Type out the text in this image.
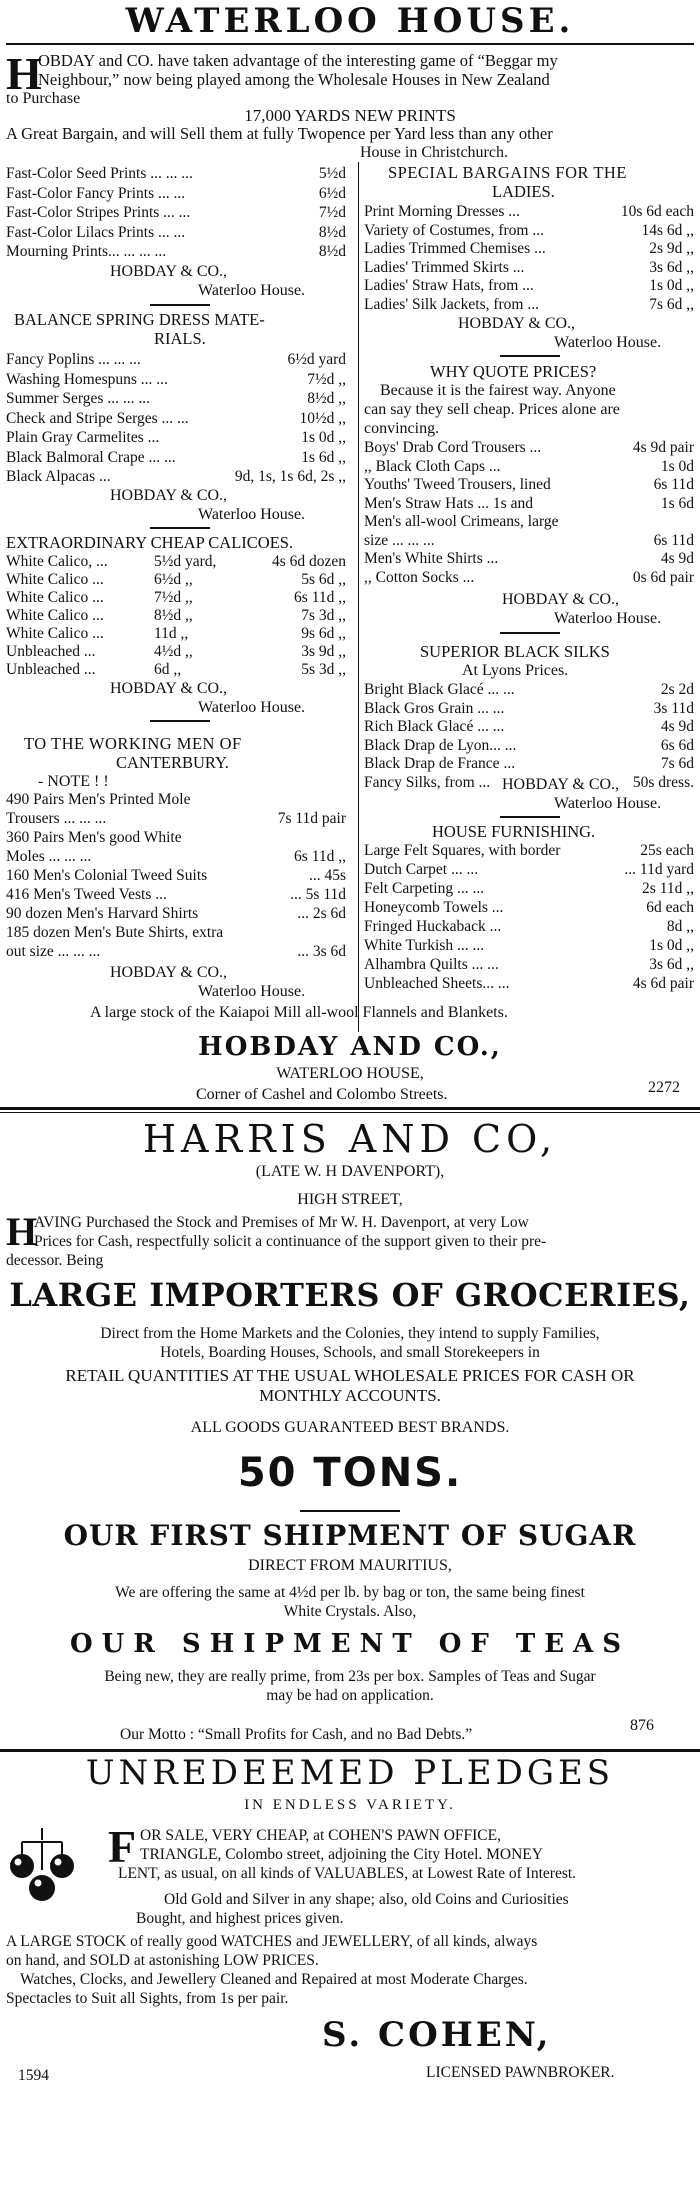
WATERLOO HOUSE.
H
OBDAY and CO. have taken advantage of the interesting game of “Beggar my
Neighbour,” now being played among the Wholesale Houses in New Zealand
to Purchase
17,000 YARDS NEW PRINTS
A Great Bargain, and will Sell them at fully Twopence per Yard less than any other
House in Christchurch.
Fast-Color Seed Prints ... ... ...	5½d
Fast-Color Fancy Prints ... ...	6½d
Fast-Color Stripes Prints ... ...	7½d
Fast-Color Lilacs Prints ... ...	8½d
Mourning Prints... ... ... ...	8½d
HOBDAY & CO.,
Waterloo House.
BALANCE SPRING DRESS MATE-
RIALS.
Fancy Poplins ... ... ...	6½d yard
Washing Homespuns ... ...	7½d ,,
Summer Serges ... ... ...	8½d ,,
Check and Stripe Serges ... ...	10½d ,,
Plain Gray Carmelites ...	1s 0d ,,
Black Balmoral Crape ... ...	1s 6d ,,
Black Alpacas ...	9d, 1s, 1s 6d, 2s ,,
HOBDAY & CO.,
Waterloo House.
EXTRAORDINARY CHEAP CALICOES.
White Calico, ...	5½d yard,	4s 6d dozen
White Calico ...	6½d ,,	5s 6d ,,
White Calico ...	7½d ,,	6s 11d ,,
White Calico ...	8½d ,,	7s 3d ,,
White Calico ...	11d ,,	9s 6d ,,
Unbleached ...	4½d ,,	3s 9d ,,
Unbleached ...	6d ,,	5s 3d ,,
HOBDAY & CO.,
Waterloo House.
TO THE WORKING MEN OF
CANTERBURY.
- NOTE ! !
490 Pairs Men's Printed Mole
Trousers ... ... ...	7s 11d pair
360 Pairs Men's good White
Moles ... ... ...	6s 11d ,,
160 Men's Colonial Tweed Suits	... 45s
416 Men's Tweed Vests ...	... 5s 11d
90 dozen Men's Harvard Shirts	... 2s 6d
185 dozen Men's Bute Shirts, extra
out size ... ... ...	... 3s 6d
HOBDAY & CO.,
Waterloo House.
SPECIAL BARGAINS FOR THE
LADIES.
Print Morning Dresses ...	10s 6d each
Variety of Costumes, from ...	14s 6d ,,
Ladies Trimmed Chemises ...	2s 9d ,,
Ladies' Trimmed Skirts ...	3s 6d ,,
Ladies' Straw Hats, from ...	1s 0d ,,
Ladies' Silk Jackets, from ...	7s 6d ,,
HOBDAY & CO.,
Waterloo House.
WHY QUOTE PRICES?
Because it is the fairest way. Anyone
can say they sell cheap. Prices alone are
convincing.
Boys' Drab Cord Trousers ...	4s 9d pair
,, Black Cloth Caps ...	1s 0d
Youths' Tweed Trousers, lined	6s 11d
Men's Straw Hats ... 1s and	1s 6d
Men's all-wool Crimeans, large
size ... ... ...	6s 11d
Men's White Shirts ...	4s 9d
,, Cotton Socks ...	0s 6d pair
HOBDAY & CO.,
Waterloo House.
SUPERIOR BLACK SILKS
At Lyons Prices.
Bright Black Glacé ... ...	2s 2d
Black Gros Grain ... ...	3s 11d
Rich Black Glacé ... ...	4s 9d
Black Drap de Lyon... ...	6s 6d
Black Drap de France ...	7s 6d
Fancy Silks, from ...	50s dress.
HOBDAY & CO.,
Waterloo House.
HOUSE FURNISHING.
Large Felt Squares, with border	25s each
Dutch Carpet ... ...	... 11d yard
Felt Carpeting ... ...	2s 11d ,,
Honeycomb Towels ...	6d each
Fringed Huckaback ...	8d ,,
White Turkish ... ...	1s 0d ,,
Alhambra Quilts ... ...	3s 6d ,,
Unbleached Sheets... ...	4s 6d pair
A large stock of the Kaiapoi Mill all-wool Flannels and Blankets.
HOBDAY AND CO.,
WATERLOO HOUSE,
Corner of Cashel and Colombo Streets.	2272
HARRIS AND CO,
(LATE W. H DAVENPORT),
HIGH STREET,
H
AVING Purchased the Stock and Premises of Mr W. H. Davenport, at very Low
Prices for Cash, respectfully solicit a continuance of the support given to their pre-
decessor. Being
LARGE IMPORTERS OF GROCERIES,
Direct from the Home Markets and the Colonies, they intend to supply Families,
Hotels, Boarding Houses, Schools, and small Storekeepers in
RETAIL QUANTITIES AT THE USUAL WHOLESALE PRICES FOR CASH OR
MONTHLY ACCOUNTS.
ALL GOODS GUARANTEED BEST BRANDS.
50 TONS.
OUR FIRST SHIPMENT OF SUGAR
DIRECT FROM MAURITIUS,
We are offering the same at 4½d per lb. by bag or ton, the same being finest
White Crystals. Also,
OUR SHIPMENT OF TEAS
Being new, they are really prime, from 23s per box. Samples of Teas and Sugar
may be had on application.
Our Motto : “Small Profits for Cash, and no Bad Debts.”
876
UNREDEEMED PLEDGES
IN ENDLESS VARIETY.
F OR SALE, VERY CHEAP, at COHEN'S PAWN OFFICE,
TRIANGLE, Colombo street, adjoining the City Hotel. MONEY
LENT, as usual, on all kinds of VALUABLES, at Lowest Rate of Interest.
Old Gold and Silver in any shape; also, old Coins and Curiosities
Bought, and highest prices given.
A LARGE STOCK of really good WATCHES and JEWELLERY, of all kinds, always
on hand, and SOLD at astonishing LOW PRICES.
Watches, Clocks, and Jewellery Cleaned and Repaired at most Moderate Charges.
Spectacles to Suit all Sights, from 1s per pair.
S. COHEN,
LICENSED PAWNBROKER.
1594
